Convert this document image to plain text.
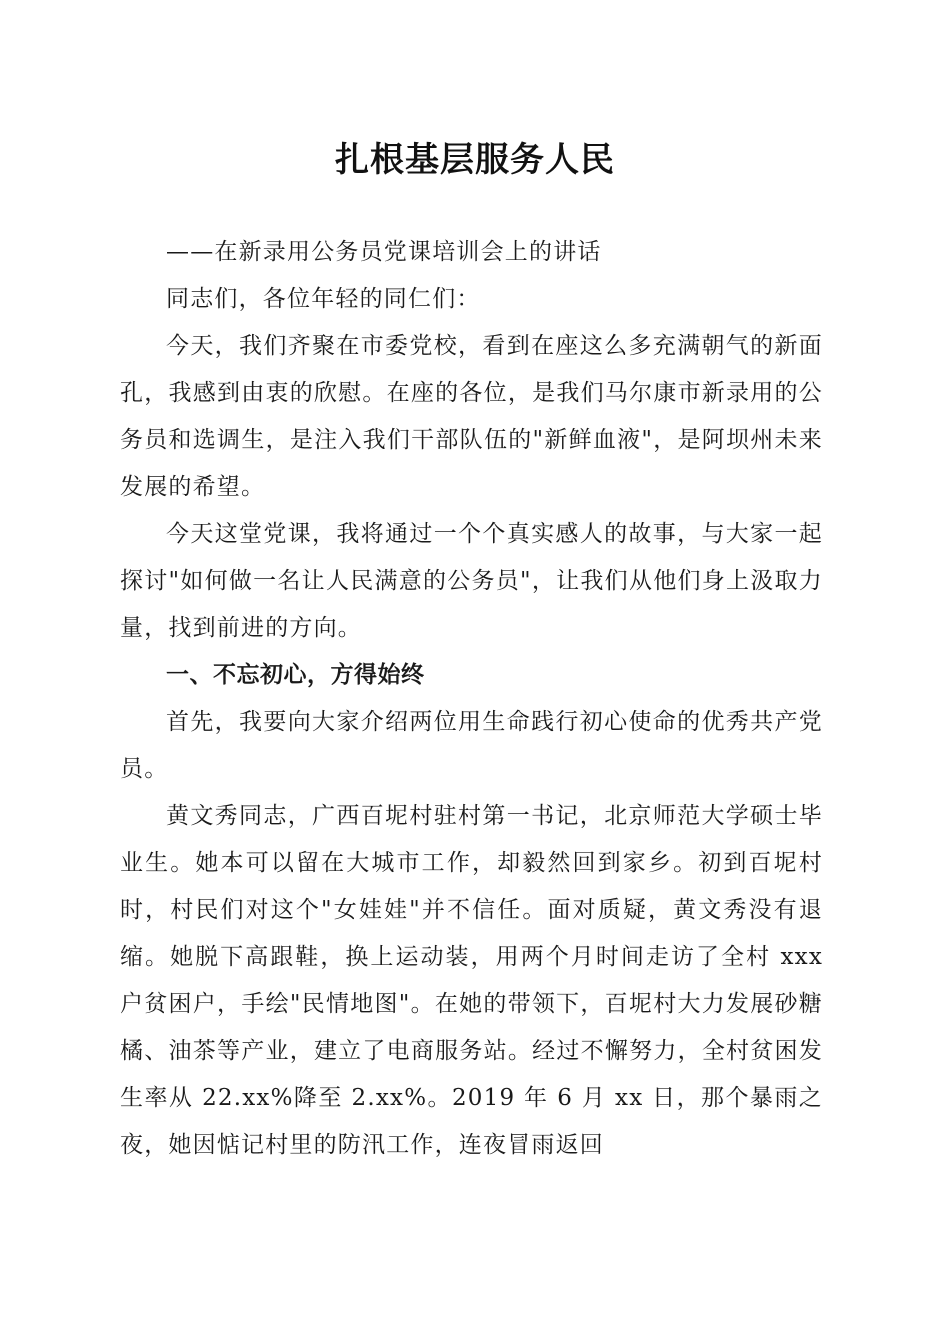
扎根基层服务人民

——在新录用公务员党课培训会上的讲话

同志们，各位年轻的同仁们：

今天，我们齐聚在市委党校，看到在座这么多充满朝气的新面孔，我感到由衷的欣慰。在座的各位，是我们马尔康市新录用的公务员和选调生，是注入我们干部队伍的"新鲜血液"，是阿坝州未来发展的希望。

今天这堂党课，我将通过一个个真实感人的故事，与大家一起探讨"如何做一名让人民满意的公务员"，让我们从他们身上汲取力量，找到前进的方向。

一、不忘初心，方得始终

首先，我要向大家介绍两位用生命践行初心使命的优秀共产党员。

黄文秀同志，广西百坭村驻村第一书记，北京师范大学硕士毕业生。她本可以留在大城市工作，却毅然回到家乡。初到百坭村时，村民们对这个"女娃娃"并不信任。面对质疑，黄文秀没有退缩。她脱下高跟鞋，换上运动装，用两个月时间走访了全村 xxx 户贫困户，手绘"民情地图"。在她的带领下，百坭村大力发展砂糖橘、油茶等产业，建立了电商服务站。经过不懈努力，全村贫困发生率从 22.xx%降至 2.xx%。2019 年 6 月 xx 日，那个暴雨之夜，她因惦记村里的防汛工作，连夜冒雨返回
